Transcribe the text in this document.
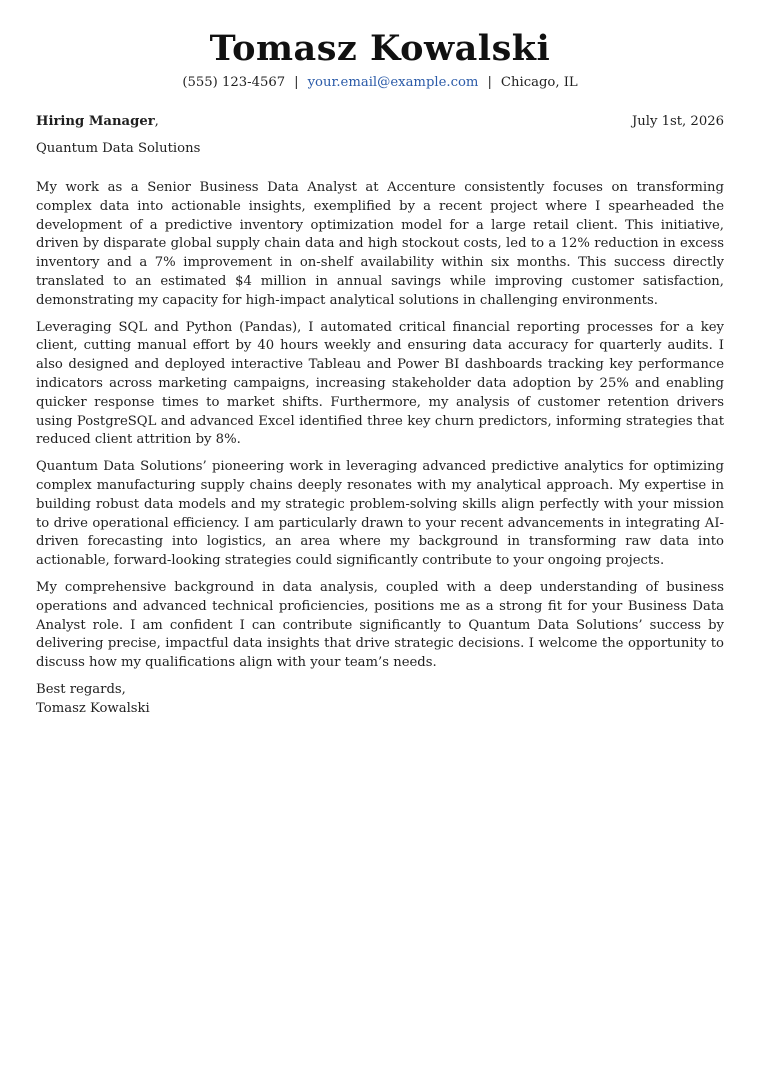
Tomasz Kowalski
(555) 123-4567 | your.email@example.com | Chicago, IL
Hiring Manager,	July 1st, 2026
Quantum Data Solutions

My work as a Senior Business Data Analyst at Accenture consistently focuses on transforming complex data into actionable insights, exemplified by a recent project where I spearheaded the development of a predictive inventory optimization model for a large retail client. This initiative, driven by disparate global supply chain data and high stockout costs, led to a 12% reduction in excess inventory and a 7% improvement in on-shelf availability within six months. This success directly translated to an estimated $4 million in annual savings while improving customer satisfaction, demonstrating my capacity for high-impact analytical solutions in challenging environments.

Leveraging SQL and Python (Pandas), I automated critical financial reporting processes for a key client, cutting manual effort by 40 hours weekly and ensuring data accuracy for quarterly audits. I also designed and deployed interactive Tableau and Power BI dashboards tracking key performance indicators across marketing campaigns, increasing stakeholder data adoption by 25% and enabling quicker response times to market shifts. Furthermore, my analysis of customer retention drivers using PostgreSQL and advanced Excel identified three key churn predictors, informing strategies that reduced client attrition by 8%.

Quantum Data Solutions’ pioneering work in leveraging advanced predictive analytics for optimizing complex manufacturing supply chains deeply resonates with my analytical approach. My expertise in building robust data models and my strategic problem-solving skills align perfectly with your mission to drive operational efficiency. I am particularly drawn to your recent advancements in integrating AI-driven forecasting into logistics, an area where my background in transforming raw data into actionable, forward-looking strategies could significantly contribute to your ongoing projects.

My comprehensive background in data analysis, coupled with a deep understanding of business operations and advanced technical proficiencies, positions me as a strong fit for your Business Data Analyst role. I am confident I can contribute significantly to Quantum Data Solutions’ success by delivering precise, impactful data insights that drive strategic decisions. I welcome the opportunity to discuss how my qualifications align with your team’s needs.

Best regards,
Tomasz Kowalski
